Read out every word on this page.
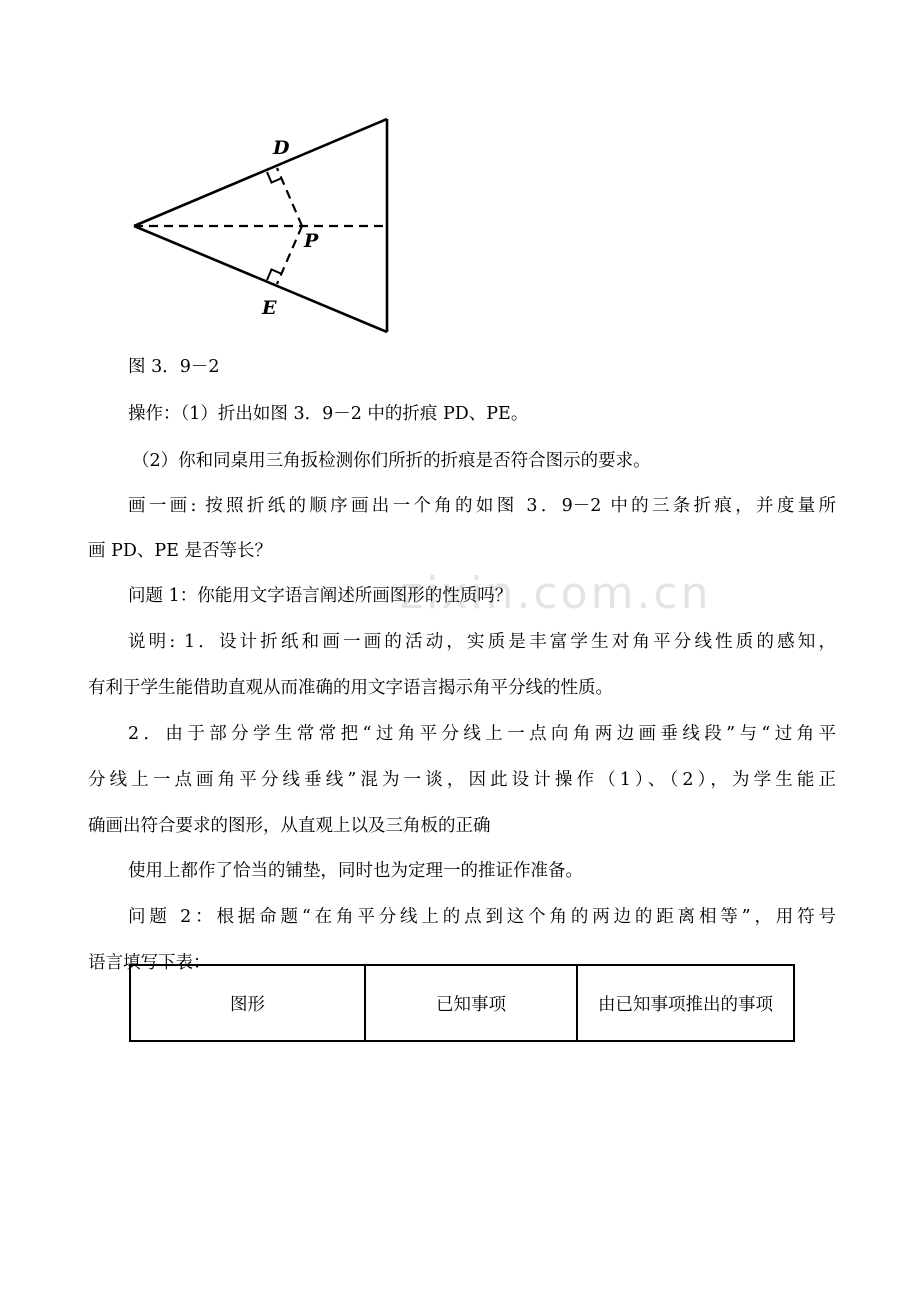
D
P
E
zixin.com.cn
图 3．9－2
操作：（1）折出如图 3．9－2 中的折痕 PD、PE。
（2）你和同桌用三角扳检测你们所折的折痕是否符合图示的要求。
画一画: 按照折纸的顺序画出一个角的如图 3．9－2 中的三条折痕，并度量所
画 PD、PE 是否等长？
问题 1：你能用文字语言阐述所画图形的性质吗？
说明: 1．设计折纸和画一画的活动，实质是丰富学生对角平分线性质的感知，
有利于学生能借助直观从而准确的用文字语言揭示角平分线的性质。
2．由于部分学生常常把“过角平分线上一点向角两边画垂线段”与“过角平
分线上一点画角平分线垂线”混为一谈，因此设计操作（1）、（2），为学生能正
确画出符合要求的图形，从直观上以及三角板的正确
使用上都作了恰当的铺垫，同时也为定理一的推证作准备。
问题 2：根据命题“在角平分线上的点到这个角的两边的距离相等”，用符号
语言填写下表：
图形	已知事项	由已知事项推出的事项
